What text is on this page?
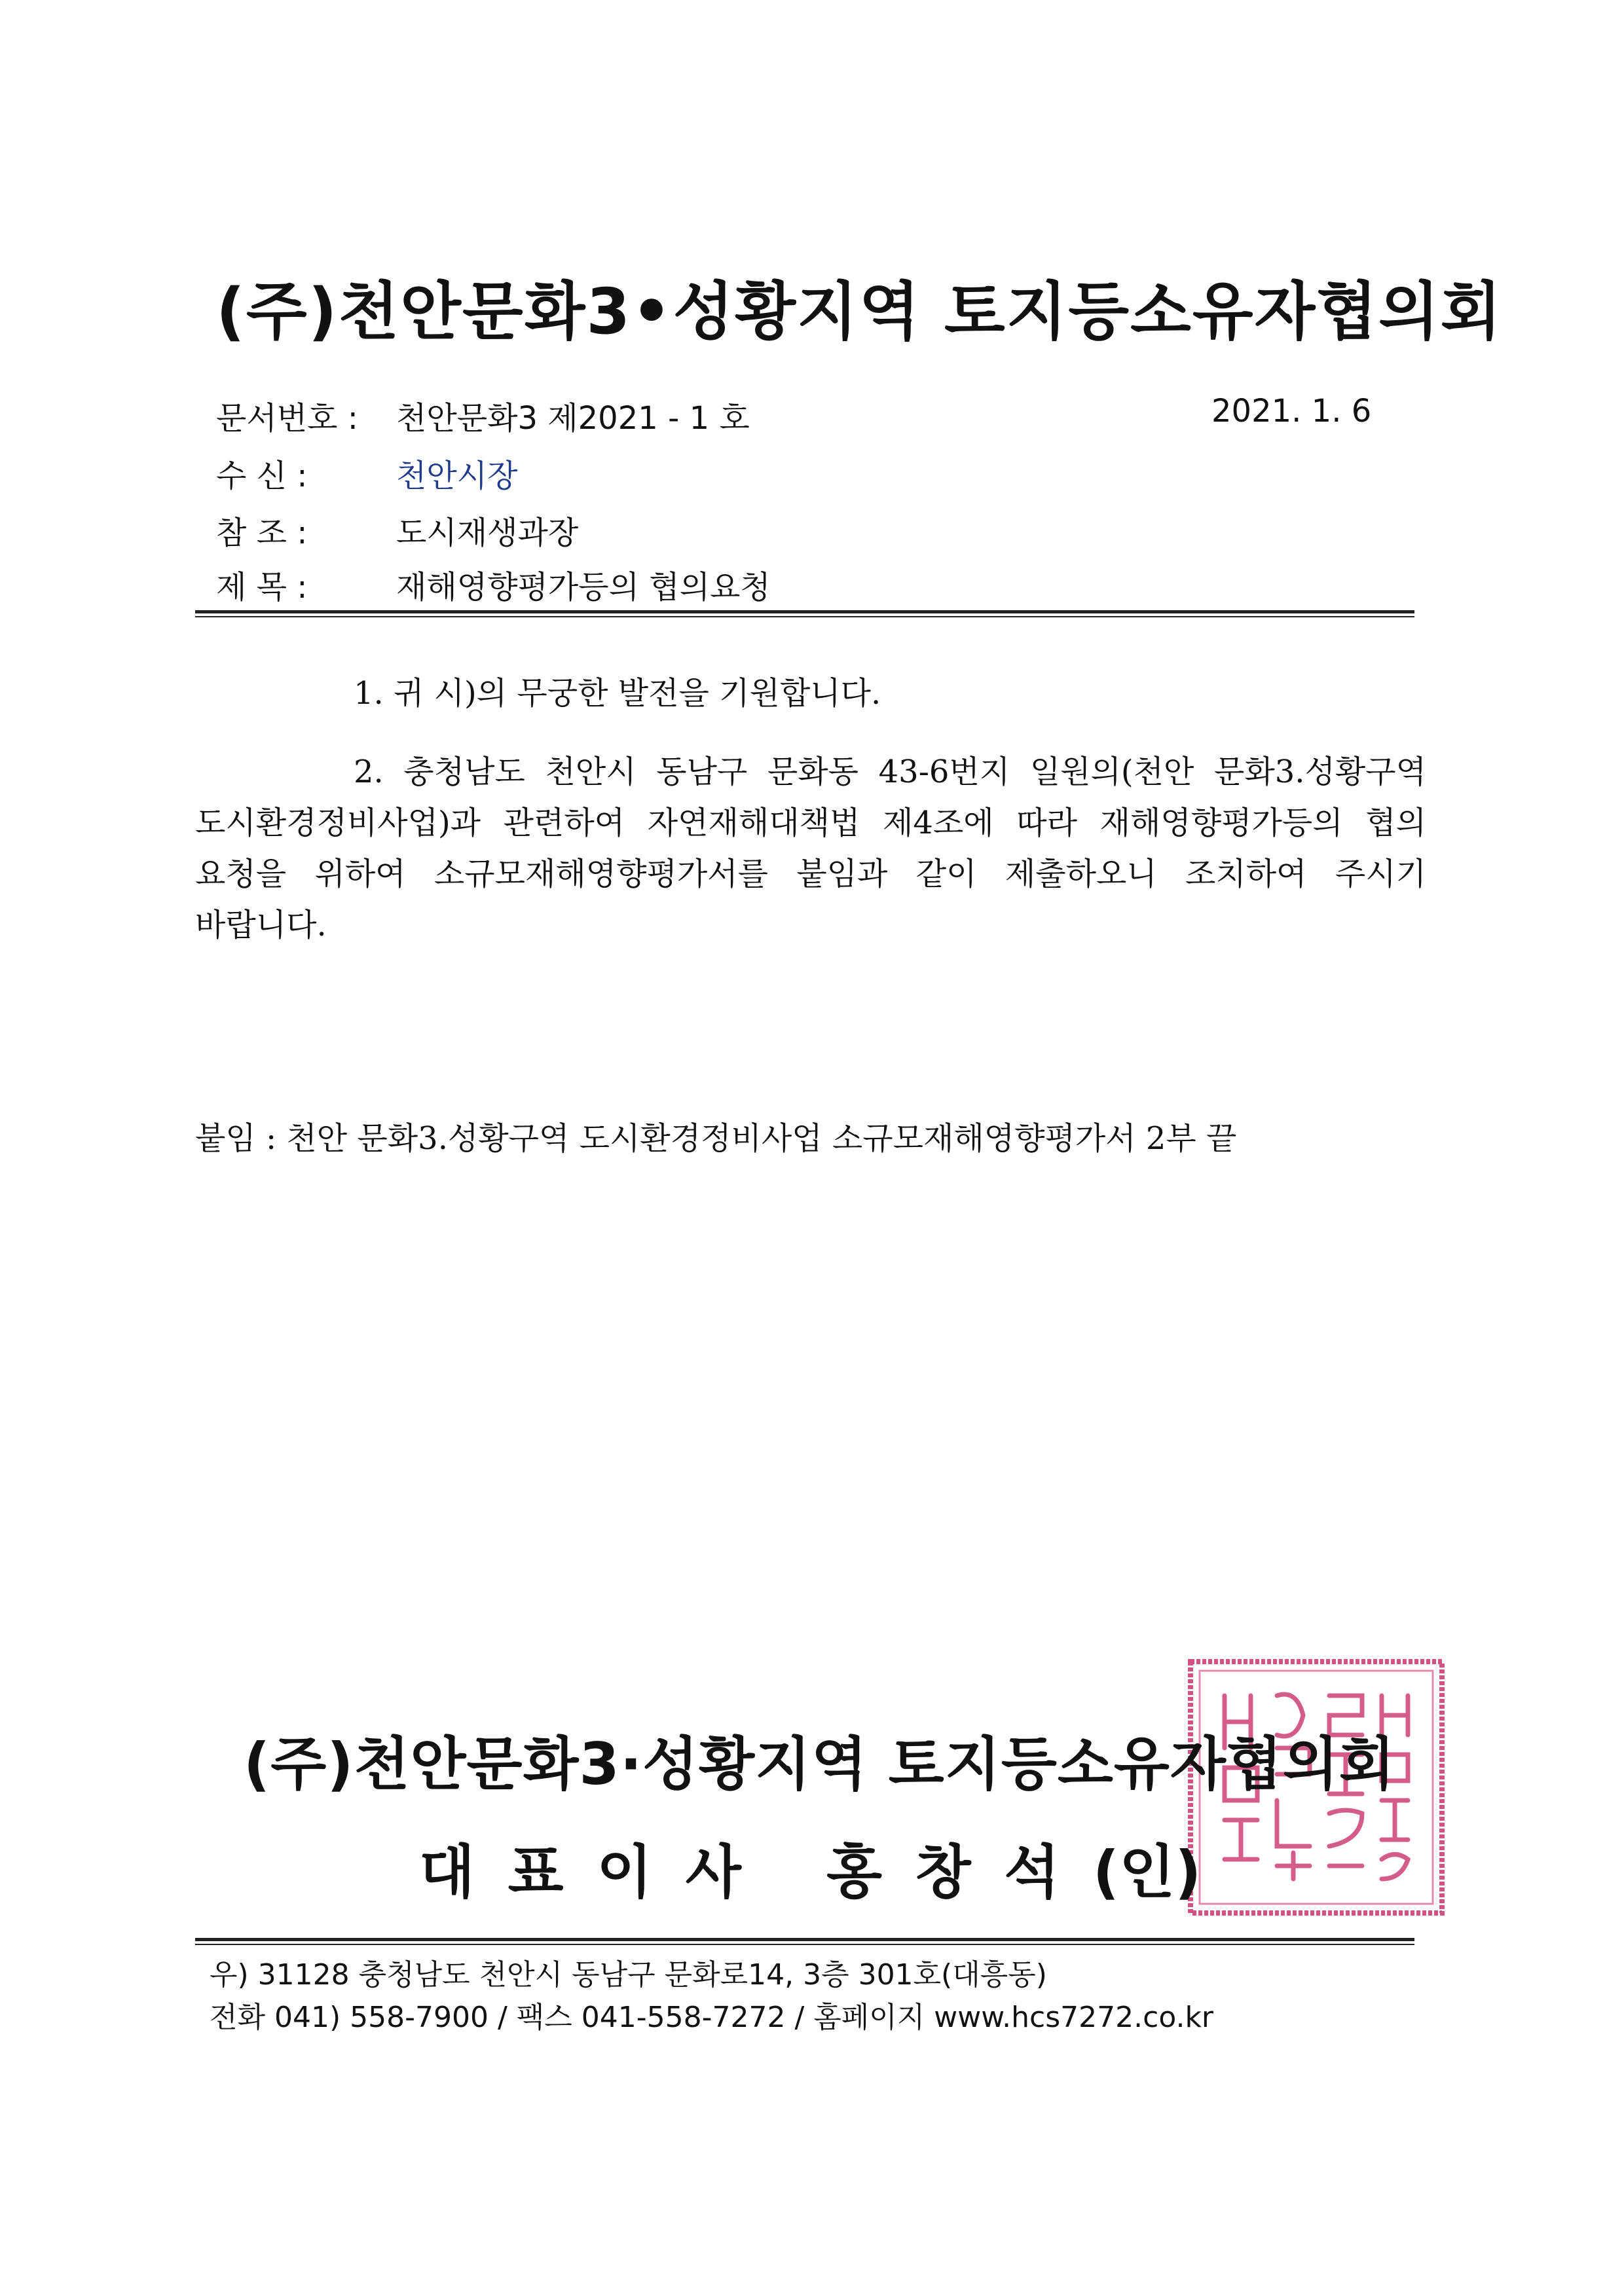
(주)천안문화3•성황지역 토지등소유자협의회
문서번호 : 천안문화3 제2021 - 1 호	2021. 1. 6
수 신 :	천안시장
참 조 :	도시재생과장
제 목 :	재해영향평가등의 협의요청
1. 귀 시)의 무궁한 발전을 기원합니다.
2. 충청남도 천안시 동남구 문화동 43-6번지 일원의(천안 문화3.성황구역 도시환경정비사업)과 관련하여 자연재해대책법 제4조에 따라 재해영향평가등의 협의 요청을 위하여 소규모재해영향평가서를 붙임과 같이 제출하오니 조치하여 주시기 바랍니다.
붙임 : 천안 문화3.성황구역 도시환경정비사업 소규모재해영향평가서 2부 끝
(주)천안문화3·성황지역 토지등소유자협의회
대 표 이 사 홍 창 석 (인)
우) 31128 충청남도 천안시 동남구 문화로14, 3층 301호(대흥동)
전화 041) 558-7900 / 팩스 041-558-7272 / 홈페이지 www.hcs7272.co.kr
